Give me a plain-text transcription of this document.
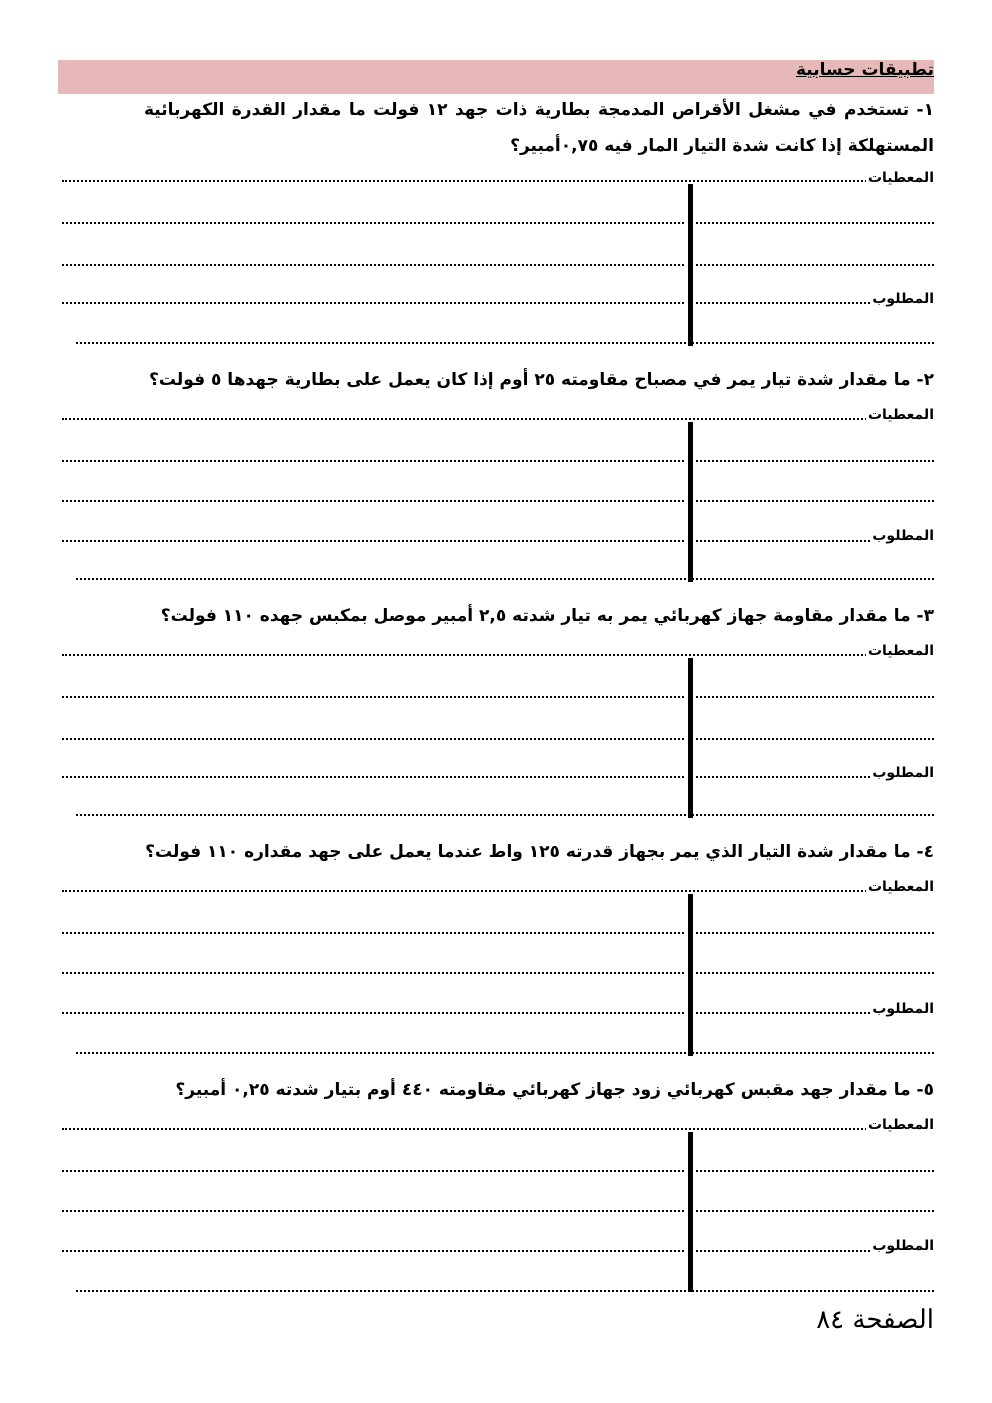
تطبيقات حسابية
١- تستخدم في مشغل الأقراص المدمجة بطارية ذات جهد ١٢ فولت ما مقدار القدرة الكهربائية المستهلكة إذا كانت شدة التيار المار فيه ٠,٧٥أمبير؟
المعطيات
المطلوب
٢- ما مقدار شدة تيار يمر في مصباح مقاومته ٢٥ أوم إذا كان يعمل على بطارية جهدها ٥ فولت؟
المعطيات
المطلوب
٣- ما مقدار مقاومة جهاز كهربائي يمر به تيار شدته ٢,٥ أمبير موصل بمكبس جهده ١١٠ فولت؟
المعطيات
المطلوب
٤- ما مقدار شدة التيار الذي يمر بجهاز قدرته ١٢٥ واط عندما يعمل على جهد مقداره ١١٠ فولت؟
المعطيات
المطلوب
٥- ما مقدار جهد مقبس كهربائي زود جهاز كهربائي مقاومته ٤٤٠ أوم بتيار شدته ٠,٢٥ أمبير؟
المعطيات
المطلوب
الصفحة ٨٤
